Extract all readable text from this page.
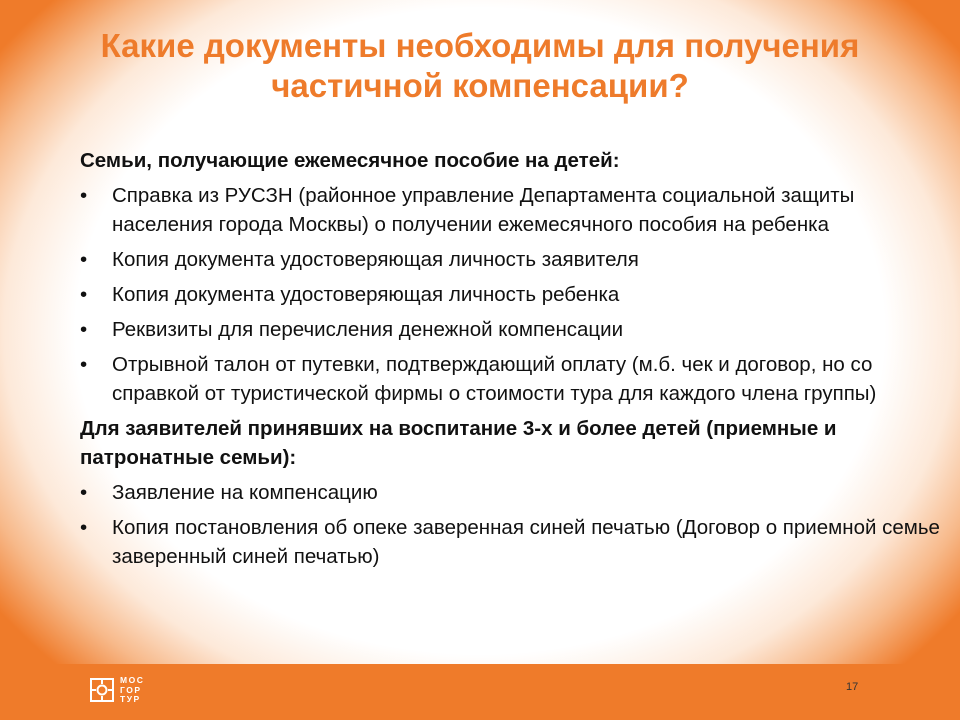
Какие документы необходимы для получения
частичной компенсации?
Семьи, получающие ежемесячное пособие на детей:
•	Справка из РУСЗН (районное управление Департамента социальной защиты населения города Москвы) о получении ежемесячного пособия на ребенка
•	Копия документа удостоверяющая личность заявителя
•	Копия документа удостоверяющая личность ребенка
•	Реквизиты для перечисления денежной компенсации
•	Отрывной талон от путевки, подтверждающий оплату (м.б. чек и договор, но со справкой от туристической фирмы о стоимости тура для каждого члена группы)
Для заявителей принявших на воспитание 3-х и более детей (приемные и патронатные семьи):
•	Заявление на компенсацию
•	Копия постановления об опеке заверенная синей печатью (Договор о приемной семье заверенный синей печатью)
МОС
ГОР
ТУР
17
